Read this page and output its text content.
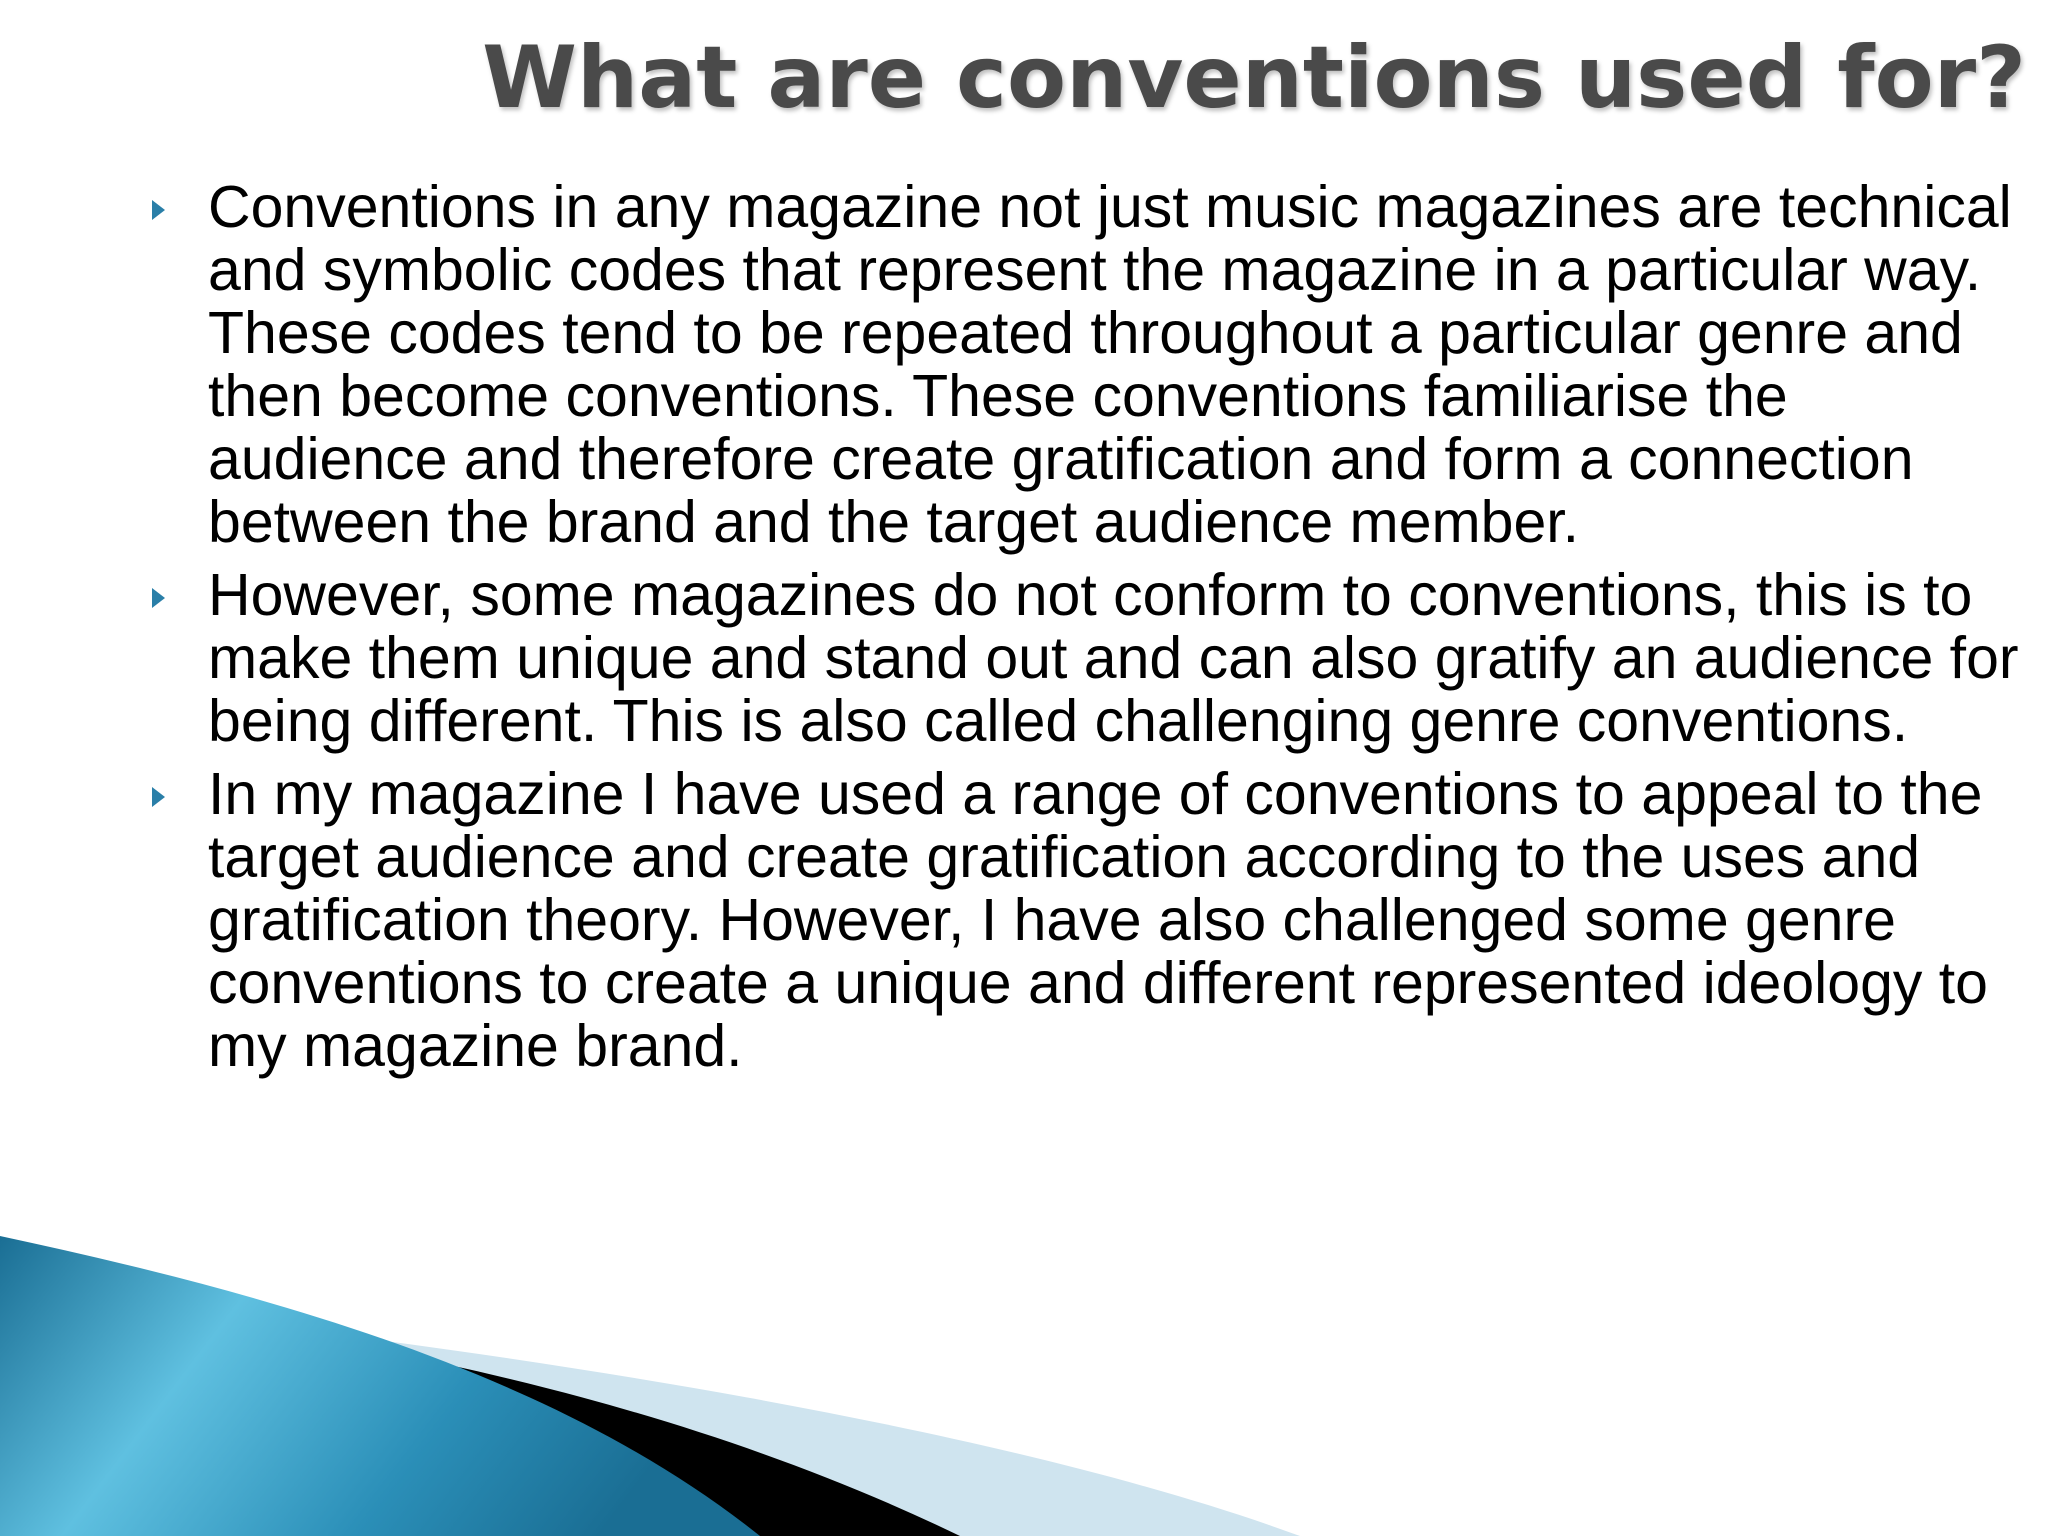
What are conventions used for?
Conventions in any magazine not just music magazines are technical and symbolic codes that represent the magazine in a particular way. These codes tend to be repeated throughout a particular genre and then become conventions. These conventions familiarise the audience and therefore create gratification and form a connection between the brand and the target audience member.
However, some magazines do not conform to conventions, this is to make them unique and stand out and can also gratify an audience for being different. This is also called challenging genre conventions.
In my magazine I have used a range of conventions to appeal to the target audience and create gratification according to the uses and gratification theory. However, I have also challenged some genre conventions to create a unique and different represented ideology to my magazine brand.
